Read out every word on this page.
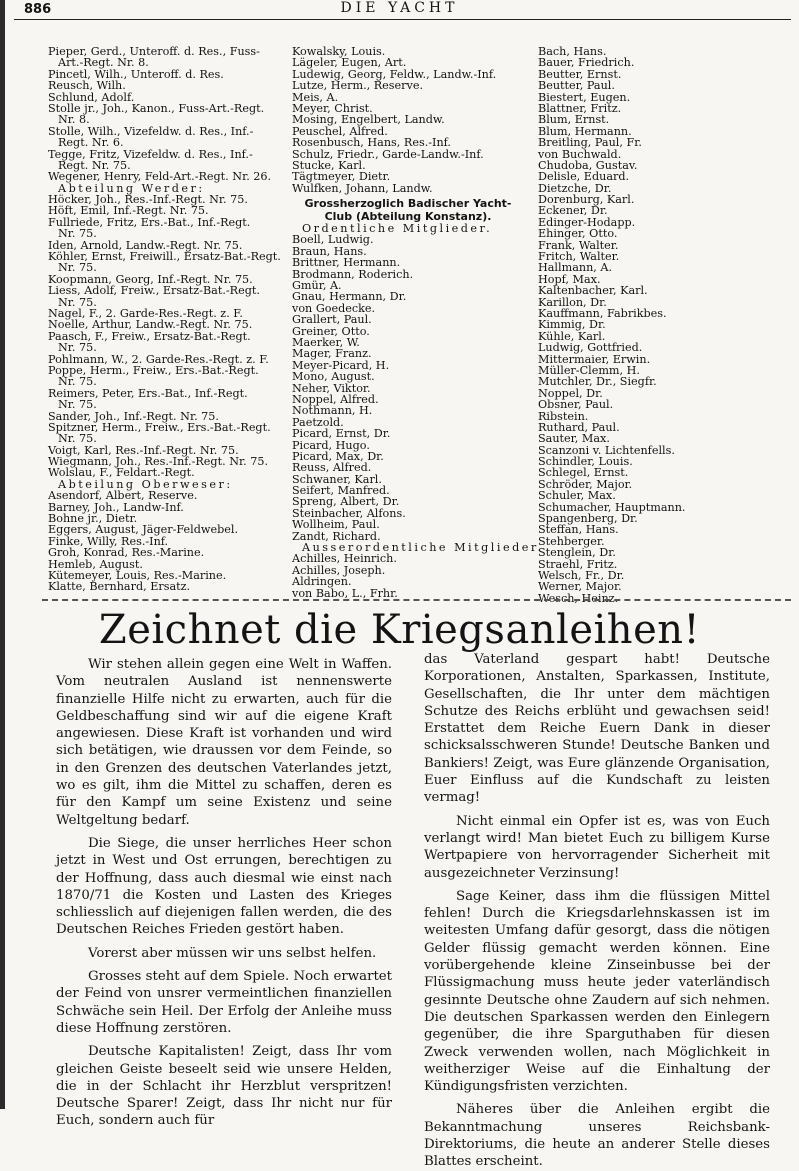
886	DIE YACHT
Pieper, Gerd., Unteroff. d. Res., Fuss-
Art.-Regt. Nr. 8.
Pincetl, Wilh., Unteroff. d. Res.
Reusch, Wilh.
Schlund, Adolf.
Stolle jr., Joh., Kanon., Fuss-Art.-Regt.
Nr. 8.
Stolle, Wilh., Vizefeldw. d. Res., Inf.-
Regt. Nr. 6.
Tegge, Fritz, Vizefeldw. d. Res., Inf.-
Regt. Nr. 75.
Wegener, Henry, Feld-Art.-Regt. Nr. 26.
Abteilung Werder:
Höcker, Joh., Res.-Inf.-Regt. Nr. 75.
Höft, Emil, Inf.-Regt. Nr. 75.
Fullriede, Fritz, Ers.-Bat., Inf.-Regt.
Nr. 75.
Iden, Arnold, Landw.-Regt. Nr. 75.
Köhler, Ernst, Freiwill., Ersatz-Bat.-Regt.
Nr. 75.
Koopmann, Georg, Inf.-Regt. Nr. 75.
Liess, Adolf, Freiw., Ersatz-Bat.-Regt.
Nr. 75.
Nagel, F., 2. Garde-Res.-Regt. z. F.
Noelle, Arthur, Landw.-Regt. Nr. 75.
Paasch, F., Freiw., Ersatz-Bat.-Regt.
Nr. 75.
Pohlmann, W., 2. Garde-Res.-Regt. z. F.
Poppe, Herm., Freiw., Ers.-Bat.-Regt.
Nr. 75.
Reimers, Peter, Ers.-Bat., Inf.-Regt.
Nr. 75.
Sander, Joh., Inf.-Regt. Nr. 75.
Spitzner, Herm., Freiw., Ers.-Bat.-Regt.
Nr. 75.
Voigt, Karl, Res.-Inf.-Regt. Nr. 75.
Wiegmann, Joh., Res.-Inf.-Regt. Nr. 75.
Wolslau, F., Feldart.-Regt.
Abteilung Oberweser:
Asendorf, Albert, Reserve.
Barney, Joh., Landw-Inf.
Bohne jr., Dietr.
Eggers, August, Jäger-Feldwebel.
Finke, Willy, Res.-Inf.
Groh, Konrad, Res.-Marine.
Hemleb, August.
Kütemeyer, Louis, Res.-Marine.
Klatte, Bernhard, Ersatz.
Kowalsky, Louis.
Lägeler, Eugen, Art.
Ludewig, Georg, Feldw., Landw.-Inf.
Lutze, Herm., Reserve.
Meis, A.
Meyer, Christ.
Mosing, Engelbert, Landw.
Peuschel, Alfred.
Rosenbusch, Hans, Res.-Inf.
Schulz, Friedr., Garde-Landw.-Inf.
Stucke, Karl.
Tägtmeyer, Dietr.
Wulfken, Johann, Landw.
Grossherzoglich Badischer Yacht-
Club (Abteilung Konstanz).
Ordentliche Mitglieder.
Boell, Ludwig.
Braun, Hans.
Brittner, Hermann.
Brodmann, Roderich.
Gmür, A.
Gnau, Hermann, Dr.
von Goedecke.
Grallert, Paul.
Greiner, Otto.
Maerker, W.
Mager, Franz.
Meyer-Picard, H.
Mono, August.
Neher, Viktor.
Noppel, Alfred.
Nothmann, H.
Paetzold.
Picard, Ernst, Dr.
Picard, Hugo.
Picard, Max, Dr.
Reuss, Alfred.
Schwaner, Karl.
Seifert, Manfred.
Spreng, Albert, Dr.
Steinbacher, Alfons.
Wollheim, Paul.
Zandt, Richard.
Ausserordentliche Mitglieder.
Achilles, Heinrich.
Achilles, Joseph.
Aldringen.
von Babo, L., Frhr.
Bach, Hans.
Bauer, Friedrich.
Beutter, Ernst.
Beutter, Paul.
Biestert, Eugen.
Blattner, Fritz.
Blum, Ernst.
Blum, Hermann.
Breitling, Paul, Fr.
von Buchwald.
Chudoba, Gustav.
Delisle, Eduard.
Dietzche, Dr.
Dorenburg, Karl.
Eckener, Dr.
Edinger-Hodapp.
Ehinger, Otto.
Frank, Walter.
Fritch, Walter.
Hallmann, A.
Hopf, Max.
Kaltenbacher, Karl.
Karillon, Dr.
Kauffmann, Fabrikbes.
Kimmig, Dr.
Kühle, Karl.
Ludwig, Gottfried.
Mittermaier, Erwin.
Müller-Clemm, H.
Mutchler, Dr., Siegfr.
Noppel, Dr.
Obsner, Paul.
Ribstein.
Ruthard, Paul.
Sauter, Max.
Scanzoni v. Lichtenfells.
Schindler, Louis.
Schlegel, Ernst.
Schröder, Major.
Schuler, Max.
Schumacher, Hauptmann.
Spangenberg, Dr.
Steffan, Hans.
Stehberger.
Stenglein, Dr.
Straehl, Fritz.
Welsch, Fr., Dr.
Werner, Major.
Wesch, Heinz.
Zeichnet die Kriegsanleihen!

Wir stehen allein gegen eine Welt in Waffen. Vom neutralen Ausland ist nennenswerte finanzielle Hilfe nicht zu erwarten, auch für die Geldbeschaffung sind wir auf die eigene Kraft angewiesen. Diese Kraft ist vorhanden und wird sich betätigen, wie draussen vor dem Feinde, so in den Grenzen des deutschen Vaterlandes jetzt, wo es gilt, ihm die Mittel zu schaffen, deren es für den Kampf um seine Existenz und seine Weltgeltung bedarf.

Die Siege, die unser herrliches Heer schon jetzt in West und Ost errungen, berechtigen zu der Hoffnung, dass auch diesmal wie einst nach 1870/71 die Kosten und Lasten des Krieges schliesslich auf diejenigen fallen werden, die des Deutschen Reiches Frieden gestört haben.

Vorerst aber müssen wir uns selbst helfen.

Grosses steht auf dem Spiele. Noch erwartet der Feind von unsrer vermeintlichen finanziellen Schwäche sein Heil. Der Erfolg der Anleihe muss diese Hoffnung zerstören.

Deutsche Kapitalisten! Zeigt, dass Ihr vom gleichen Geiste beseelt seid wie unsere Helden, die in der Schlacht ihr Herzblut verspritzen! Deutsche Sparer! Zeigt, dass Ihr nicht nur für Euch, sondern auch für

das Vaterland gespart habt! Deutsche Korporationen, Anstalten, Sparkassen, Institute, Gesellschaften, die Ihr unter dem mächtigen Schutze des Reichs erblüht und gewachsen seid! Erstattet dem Reiche Euern Dank in dieser schicksalsschweren Stunde! Deutsche Banken und Bankiers! Zeigt, was Eure glänzende Organisation, Euer Einfluss auf die Kundschaft zu leisten vermag!

Nicht einmal ein Opfer ist es, was von Euch verlangt wird! Man bietet Euch zu billigem Kurse Wertpapiere von hervorragender Sicherheit mit ausgezeichneter Verzinsung!

Sage Keiner, dass ihm die flüssigen Mittel fehlen! Durch die Kriegsdarlehnskassen ist im weitesten Umfang dafür gesorgt, dass die nötigen Gelder flüssig gemacht werden können. Eine vorübergehende kleine Zinseinbusse bei der Flüssigmachung muss heute jeder vaterländisch gesinnte Deutsche ohne Zaudern auf sich nehmen. Die deutschen Sparkassen werden den Einlegern gegenüber, die ihre Sparguthaben für diesen Zweck verwenden wollen, nach Möglichkeit in weitherziger Weise auf die Einhaltung der Kündigungsfristen verzichten.

Näheres über die Anleihen ergibt die Bekanntmachung unseres Reichsbank-Direktoriums, die heute an anderer Stelle dieses Blattes erscheint.
